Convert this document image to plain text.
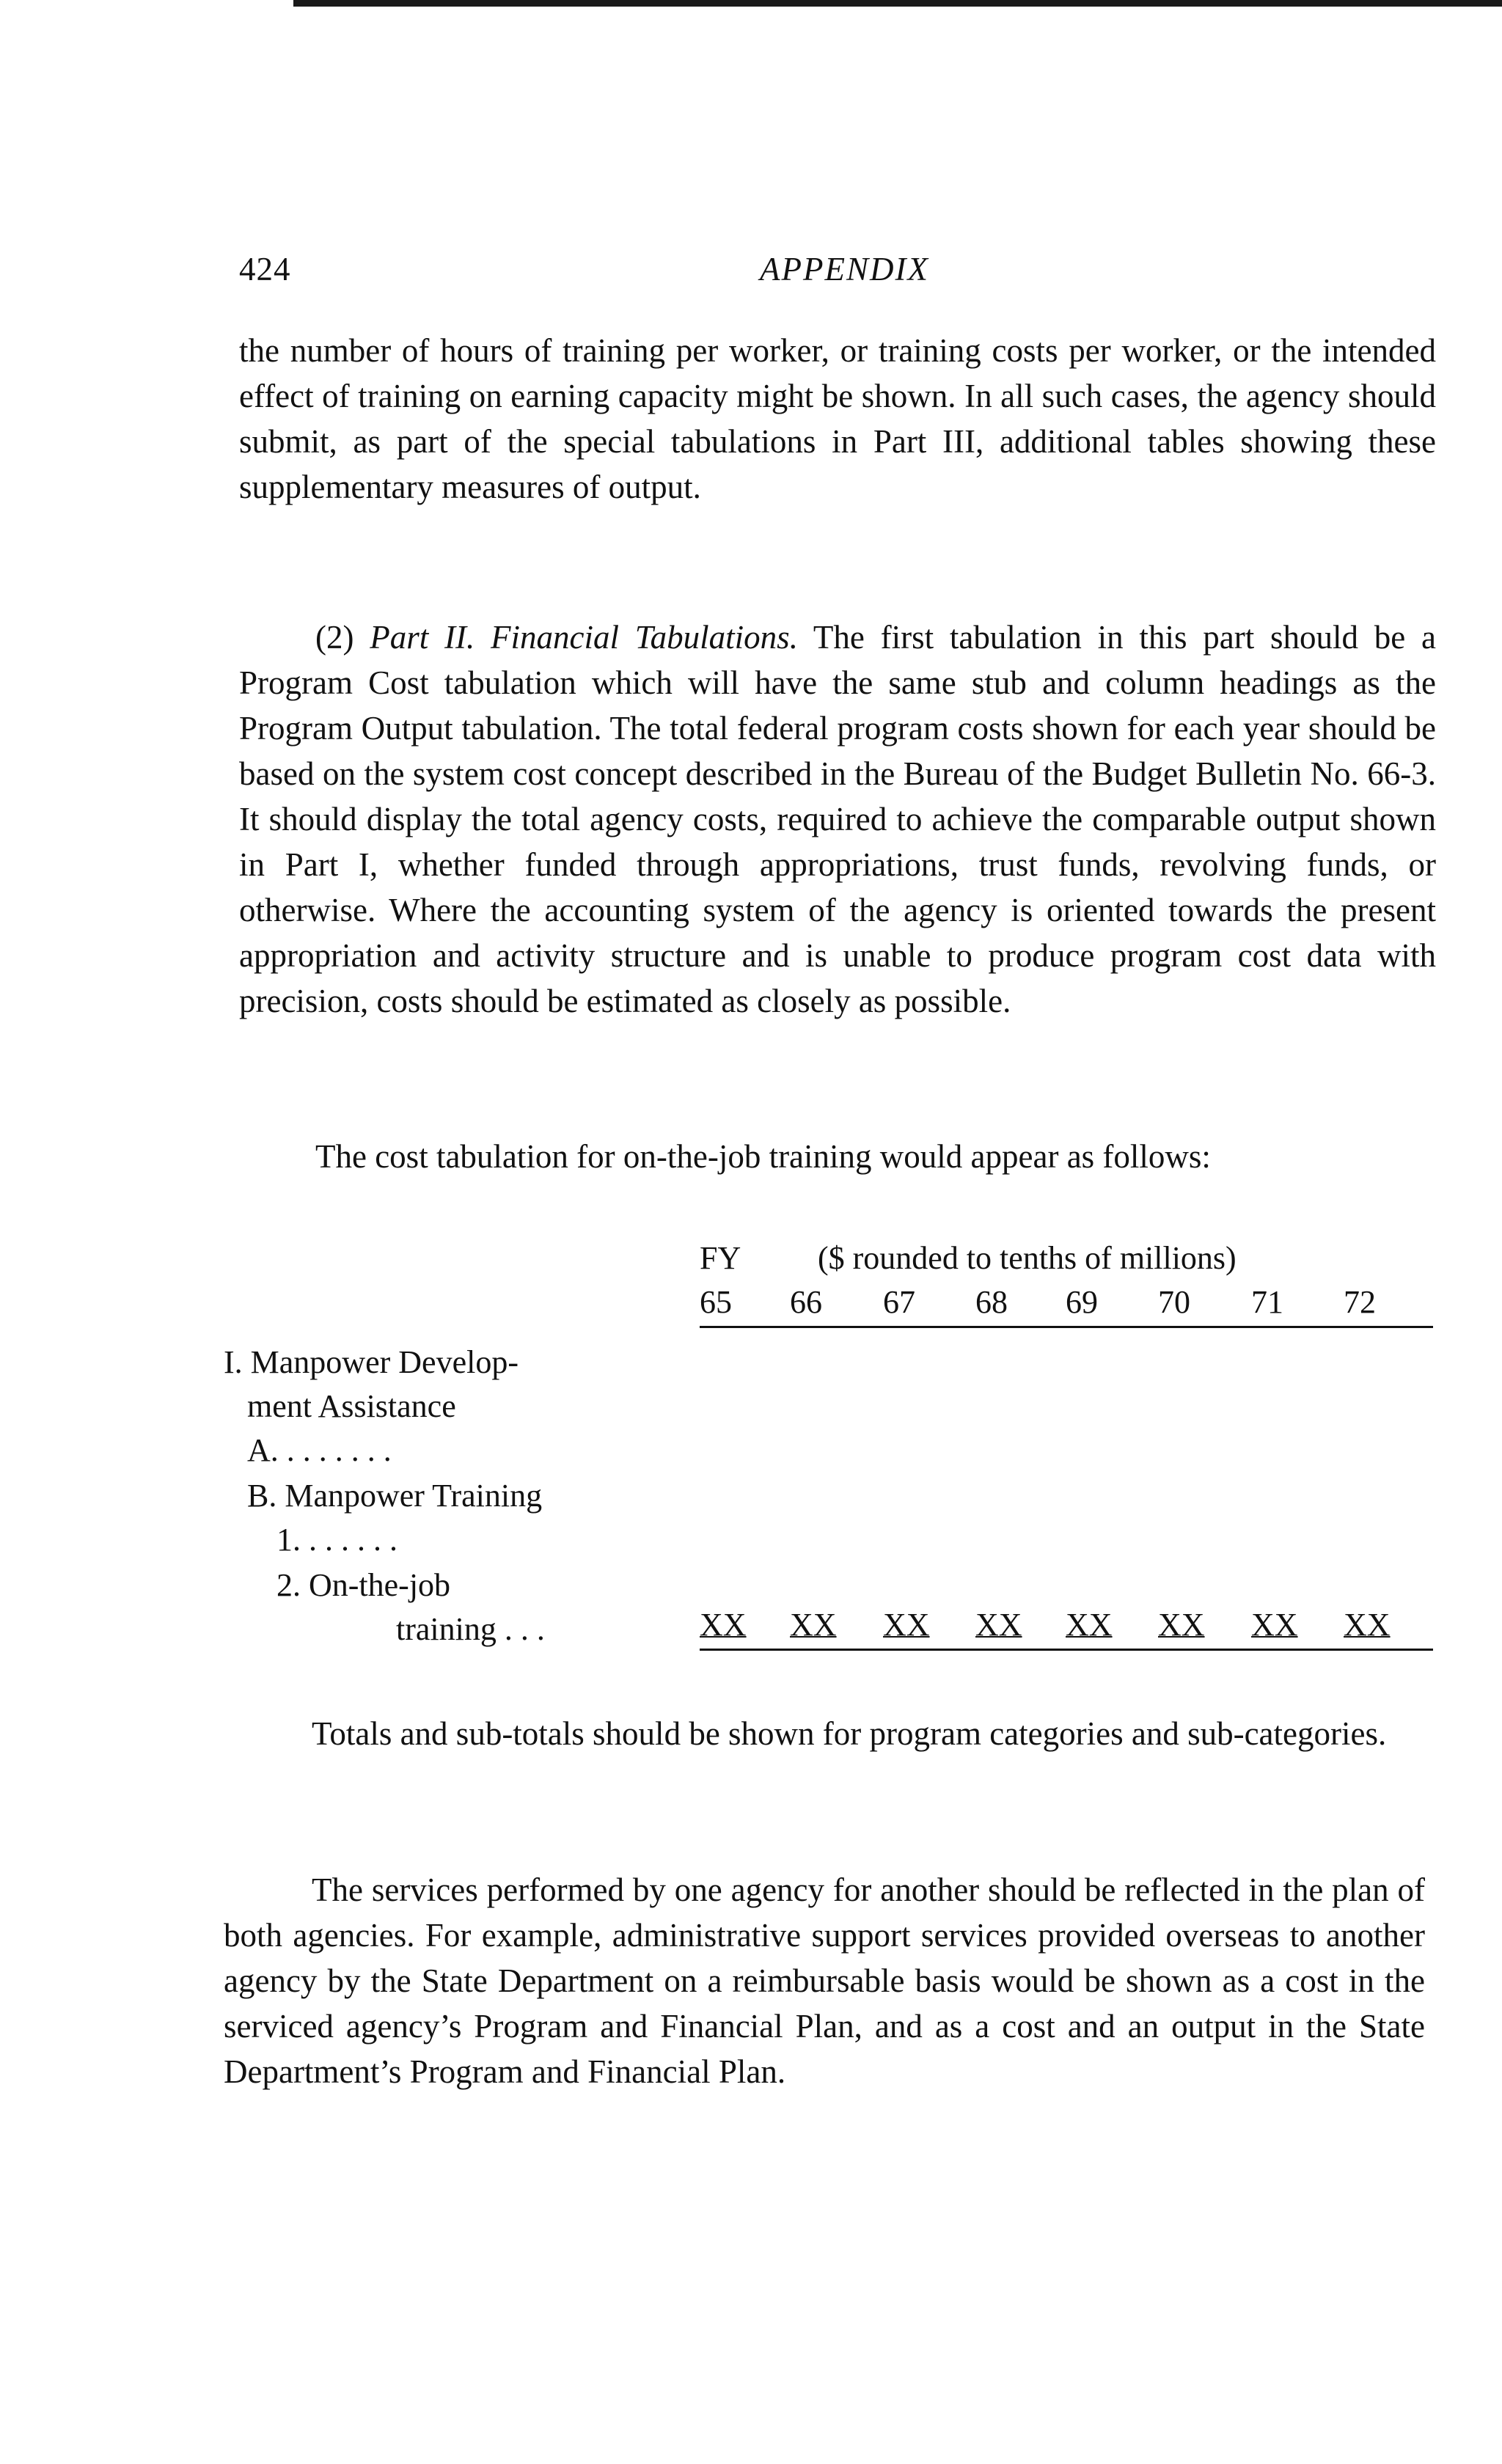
424	APPENDIX

the number of hours of training per worker, or training costs per worker, or the intended effect of training on earning capacity might be shown. In all such cases, the agency should submit, as part of the special tabulations in Part III, additional tables showing these supplementary measures of output.

(2) Part II. Financial Tabulations. The first tabulation in this part should be a Program Cost tabulation which will have the same stub and column headings as the Program Output tabulation. The total federal program costs shown for each year should be based on the system cost concept described in the Bureau of the Budget Bulletin No. 66-3. It should display the total agency costs, required to achieve the comparable output shown in Part I, whether funded through appropriations, trust funds, revolving funds, or otherwise. Where the accounting system of the agency is oriented towards the present appropriation and activity structure and is unable to produce program cost data with precision, costs should be estimated as closely as possible.

The cost tabulation for on-the-job training would appear as follows:

FY ($ rounded to tenths of millions)
65 66 67 68 69 70 71 72
I. Manpower Develop-
ment Assistance
A. . . . . . . .
B. Manpower Training
1. . . . . . .
2. On-the-job
training . . .	XX XX XX XX XX XX XX XX

Totals and sub-totals should be shown for program categories and sub-categories.

The services performed by one agency for another should be reflected in the plan of both agencies. For example, administrative support services provided overseas to another agency by the State Department on a reimbursable basis would be shown as a cost in the serviced agency’s Program and Financial Plan, and as a cost and an output in the State Department’s Program and Financial Plan.
